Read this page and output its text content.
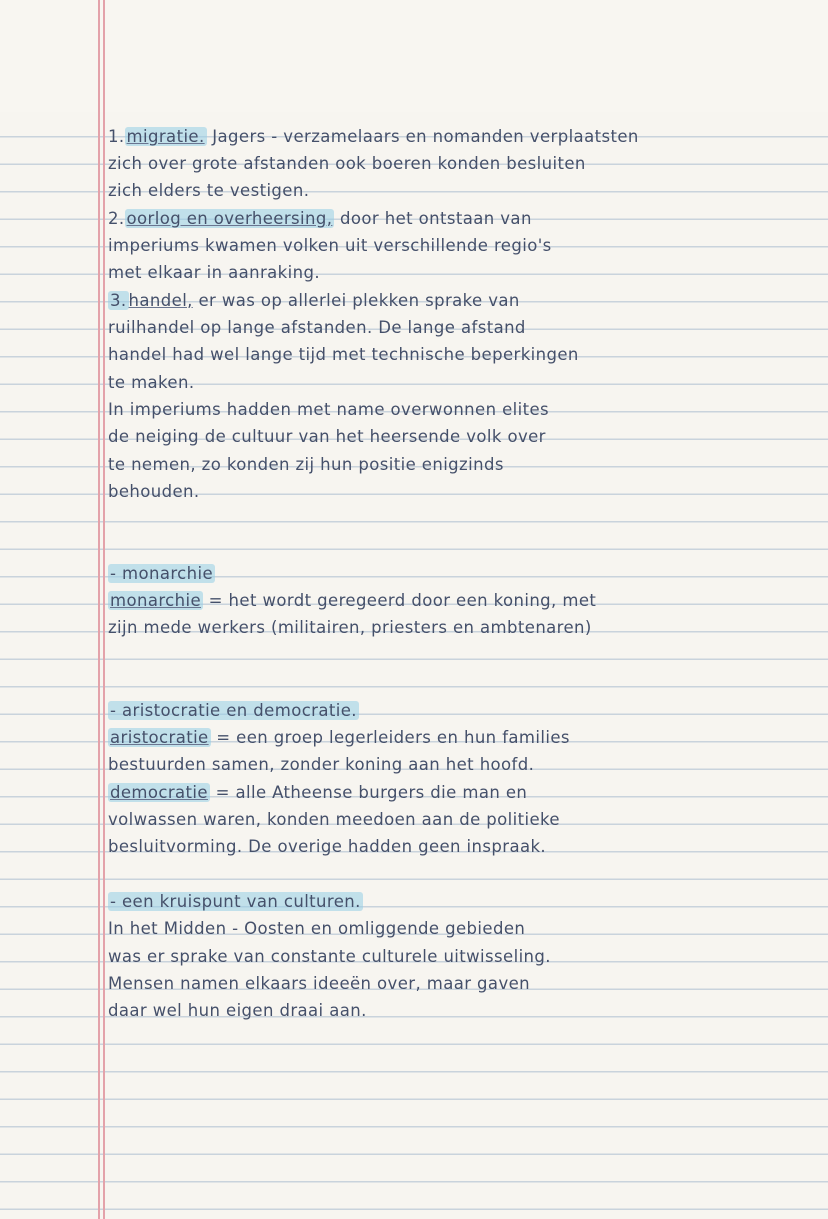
1. migratie. Jagers - verzamelaars en nomanden verplaatsten
zich over grote afstanden ook boeren konden besluiten
zich elders te vestigen.
2. oorlog en overheersing, door het ontstaan van
imperiums kwamen volken uit verschillende regio's
met elkaar in aanraking.
3. handel, er was op allerlei plekken sprake van
ruilhandel op lange afstanden. De lange afstand
handel had wel lange tijd met technische beperkingen
te maken.
In imperiums hadden met name overwonnen elites
de neiging de cultuur van het heersende volk over
te nemen, zo konden zij hun positie enigzinds
behouden.
- monarchie
monarchie = het wordt geregeerd door een koning, met
zijn mede werkers (militairen, priesters en ambtenaren)
- aristocratie en democratie.
aristocratie = een groep legerleiders en hun families
bestuurden samen, zonder koning aan het hoofd.
democratie = alle Atheense burgers die man en
volwassen waren, konden meedoen aan de politieke
besluitvorming. De overige hadden geen inspraak.
- een kruispunt van culturen.
In het Midden - Oosten en omliggende gebieden
was er sprake van constante culturele uitwisseling.
Mensen namen elkaars ideeën over, maar gaven
daar wel hun eigen draai aan.
